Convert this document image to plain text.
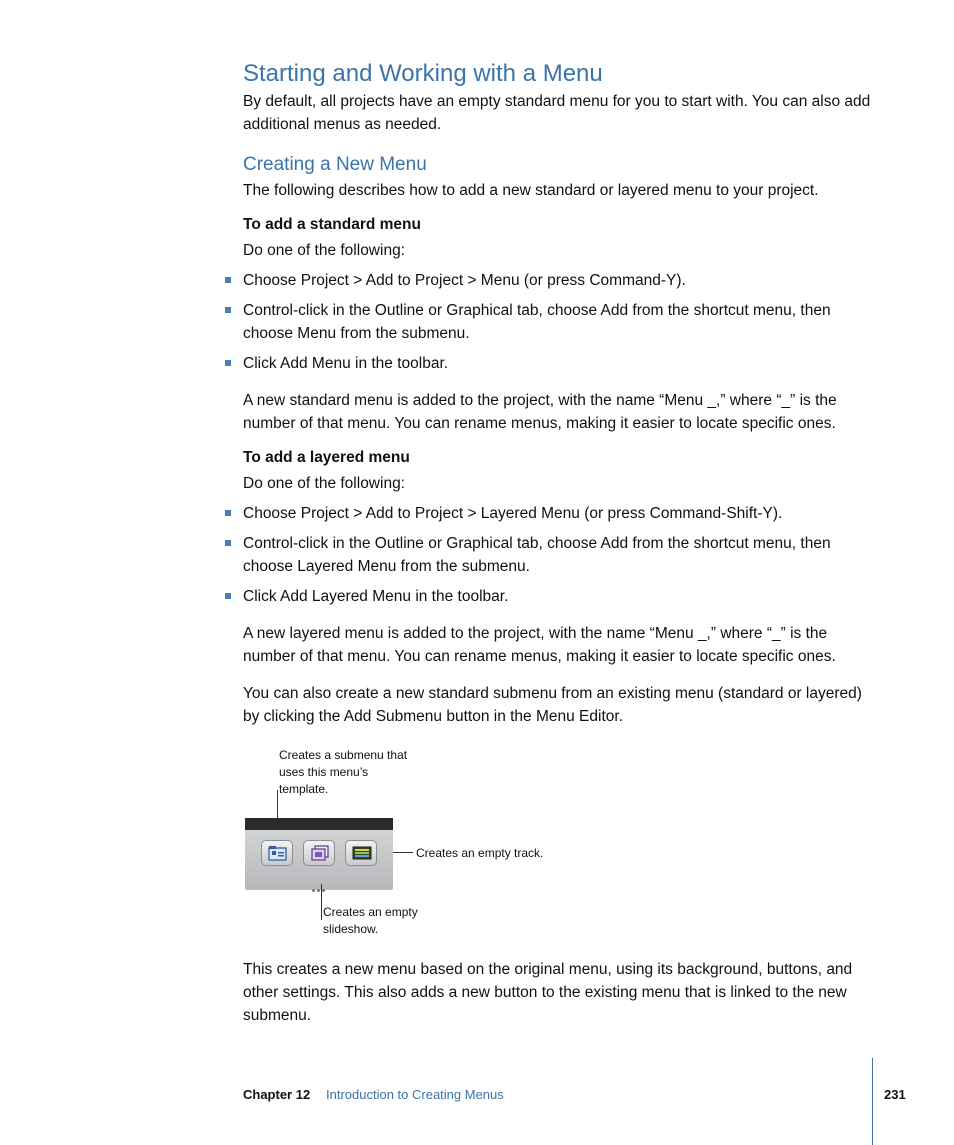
Starting and Working with a Menu
By default, all projects have an empty standard menu for you to start with. You can also add additional menus as needed.
Creating a New Menu
The following describes how to add a new standard or layered menu to your project.
To add a standard menu
Do one of the following:
Choose Project > Add to Project > Menu (or press Command-Y).
Control-click in the Outline or Graphical tab, choose Add from the shortcut menu, then choose Menu from the submenu.
Click Add Menu in the toolbar.
A new standard menu is added to the project, with the name “Menu _,” where “_” is the number of that menu. You can rename menus, making it easier to locate specific ones.
To add a layered menu
Do one of the following:
Choose Project > Add to Project > Layered Menu (or press Command-Shift-Y).
Control-click in the Outline or Graphical tab, choose Add from the shortcut menu, then choose Layered Menu from the submenu.
Click Add Layered Menu in the toolbar.
A new layered menu is added to the project, with the name “Menu _,” where “_” is the number of that menu. You can rename menus, making it easier to locate specific ones.
You can also create a new standard submenu from an existing menu (standard or layered) by clicking the Add Submenu button in the Menu Editor.
Creates a submenu that uses this menu’s template.
Creates an empty track.
Creates an empty slideshow.
This creates a new menu based on the original menu, using its background, buttons, and other settings. This also adds a new button to the existing menu that is linked to the new submenu.
Chapter 12 Introduction to Creating Menus	231
